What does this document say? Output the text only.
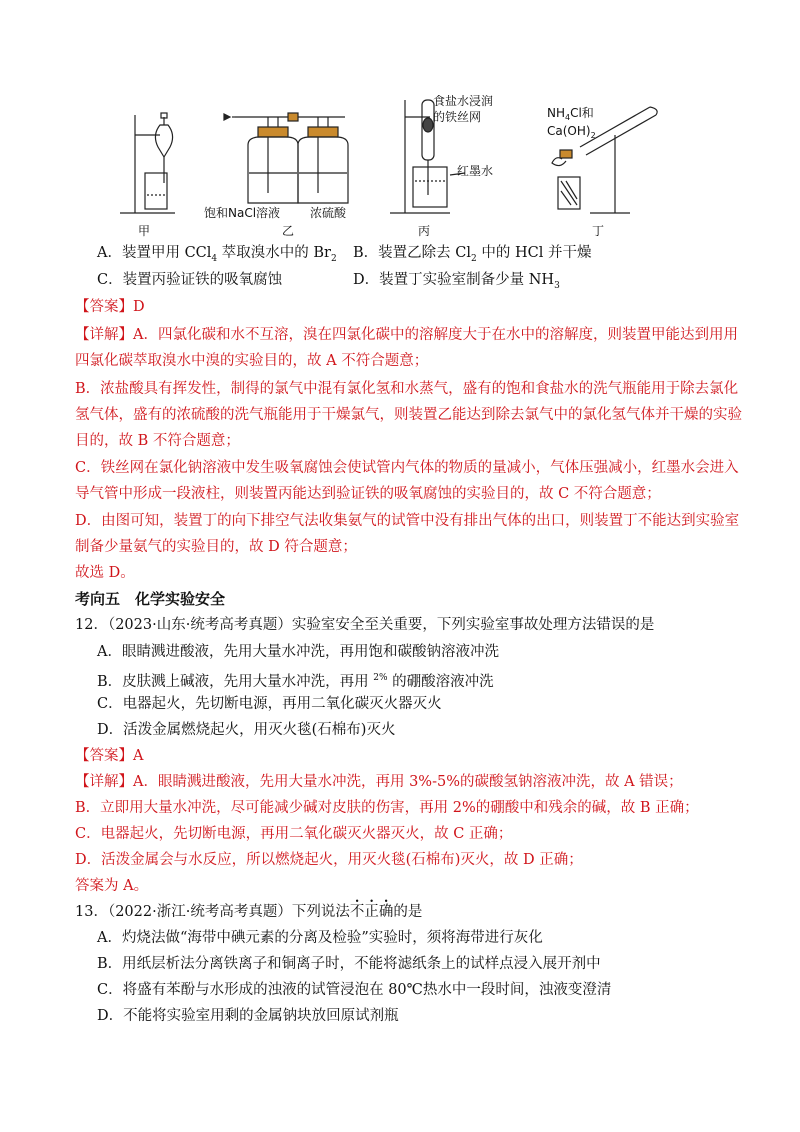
甲	乙	丙	丁
饱和NaCl溶液 浓硫酸
食盐水浸润
的铁丝网
红墨水
$NH_4Cl$和
$Ca(OH)_2$
A．装置甲用 CCl$_4$ 萃取溴水中的 $Br_2$ B．装置乙除去 $Cl_2$ 中的 HCl 并干燥
C．装置丙验证铁的吸氧腐蚀	D．装置丁实验室制备少量 $NH_3$
【答案】D
【详解】A．四氯化碳和水不互溶，溴在四氯化碳中的溶解度大于在水中的溶解度，则装置甲能达到用用
四氯化碳萃取溴水中溴的实验目的，故 A 不符合题意；
B．浓盐酸具有挥发性，制得的氯气中混有氯化氢和水蒸气，盛有的饱和食盐水的洗气瓶能用于除去氯化
氢气体，盛有的浓硫酸的洗气瓶能用于干燥氯气，则装置乙能达到除去氯气中的氯化氢气体并干燥的实验
目的，故 B 不符合题意；
C．铁丝网在氯化钠溶液中发生吸氧腐蚀会使试管内气体的物质的量减小，气体压强减小，红墨水会进入
导气管中形成一段液柱，则装置丙能达到验证铁的吸氧腐蚀的实验目的，故 C 不符合题意；
D．由图可知，装置丁的向下排空气法收集氨气的试管中没有排出气体的出口，则装置丁不能达到实验室
制备少量氨气的实验目的，故 D 符合题意；
故选 D。
考向五　化学实验安全
12．（2023·山东·统考高考真题）实验室安全至关重要，下列实验室事故处理方法错误的是
A．眼睛溅进酸液，先用大量水冲洗，再用饱和碳酸钠溶液冲洗
B．皮肤溅上碱液，先用大量水冲洗，再用 $^{2\%}$ 的硼酸溶液冲洗
C．电器起火，先切断电源，再用二氧化碳灭火器灭火
D．活泼金属燃烧起火，用灭火毯(石棉布)灭火
【答案】A
【详解】A．眼睛溅进酸液，先用大量水冲洗，再用 3%-5%的碳酸氢钠溶液冲洗，故 A 错误；
B．立即用大量水冲洗，尽可能减少碱对皮肤的伤害，再用 2%的硼酸中和残余的碱，故 B 正确；
C．电器起火，先切断电源，再用二氧化碳灭火器灭火，故 C 正确；
D．活泼金属会与水反应，所以燃烧起火，用灭火毯(石棉布)灭火，故 D 正确；
答案为 A。
13．（2022·浙江·统考高考真题）下列说法不正确的是
A．灼烧法做“海带中碘元素的分离及检验”实验时，须将海带进行灰化
B．用纸层析法分离铁离子和铜离子时，不能将滤纸条上的试样点浸入展开剂中
C．将盛有苯酚与水形成的浊液的试管浸泡在 80℃热水中一段时间，浊液变澄清
D．不能将实验室用剩的金属钠块放回原试剂瓶
